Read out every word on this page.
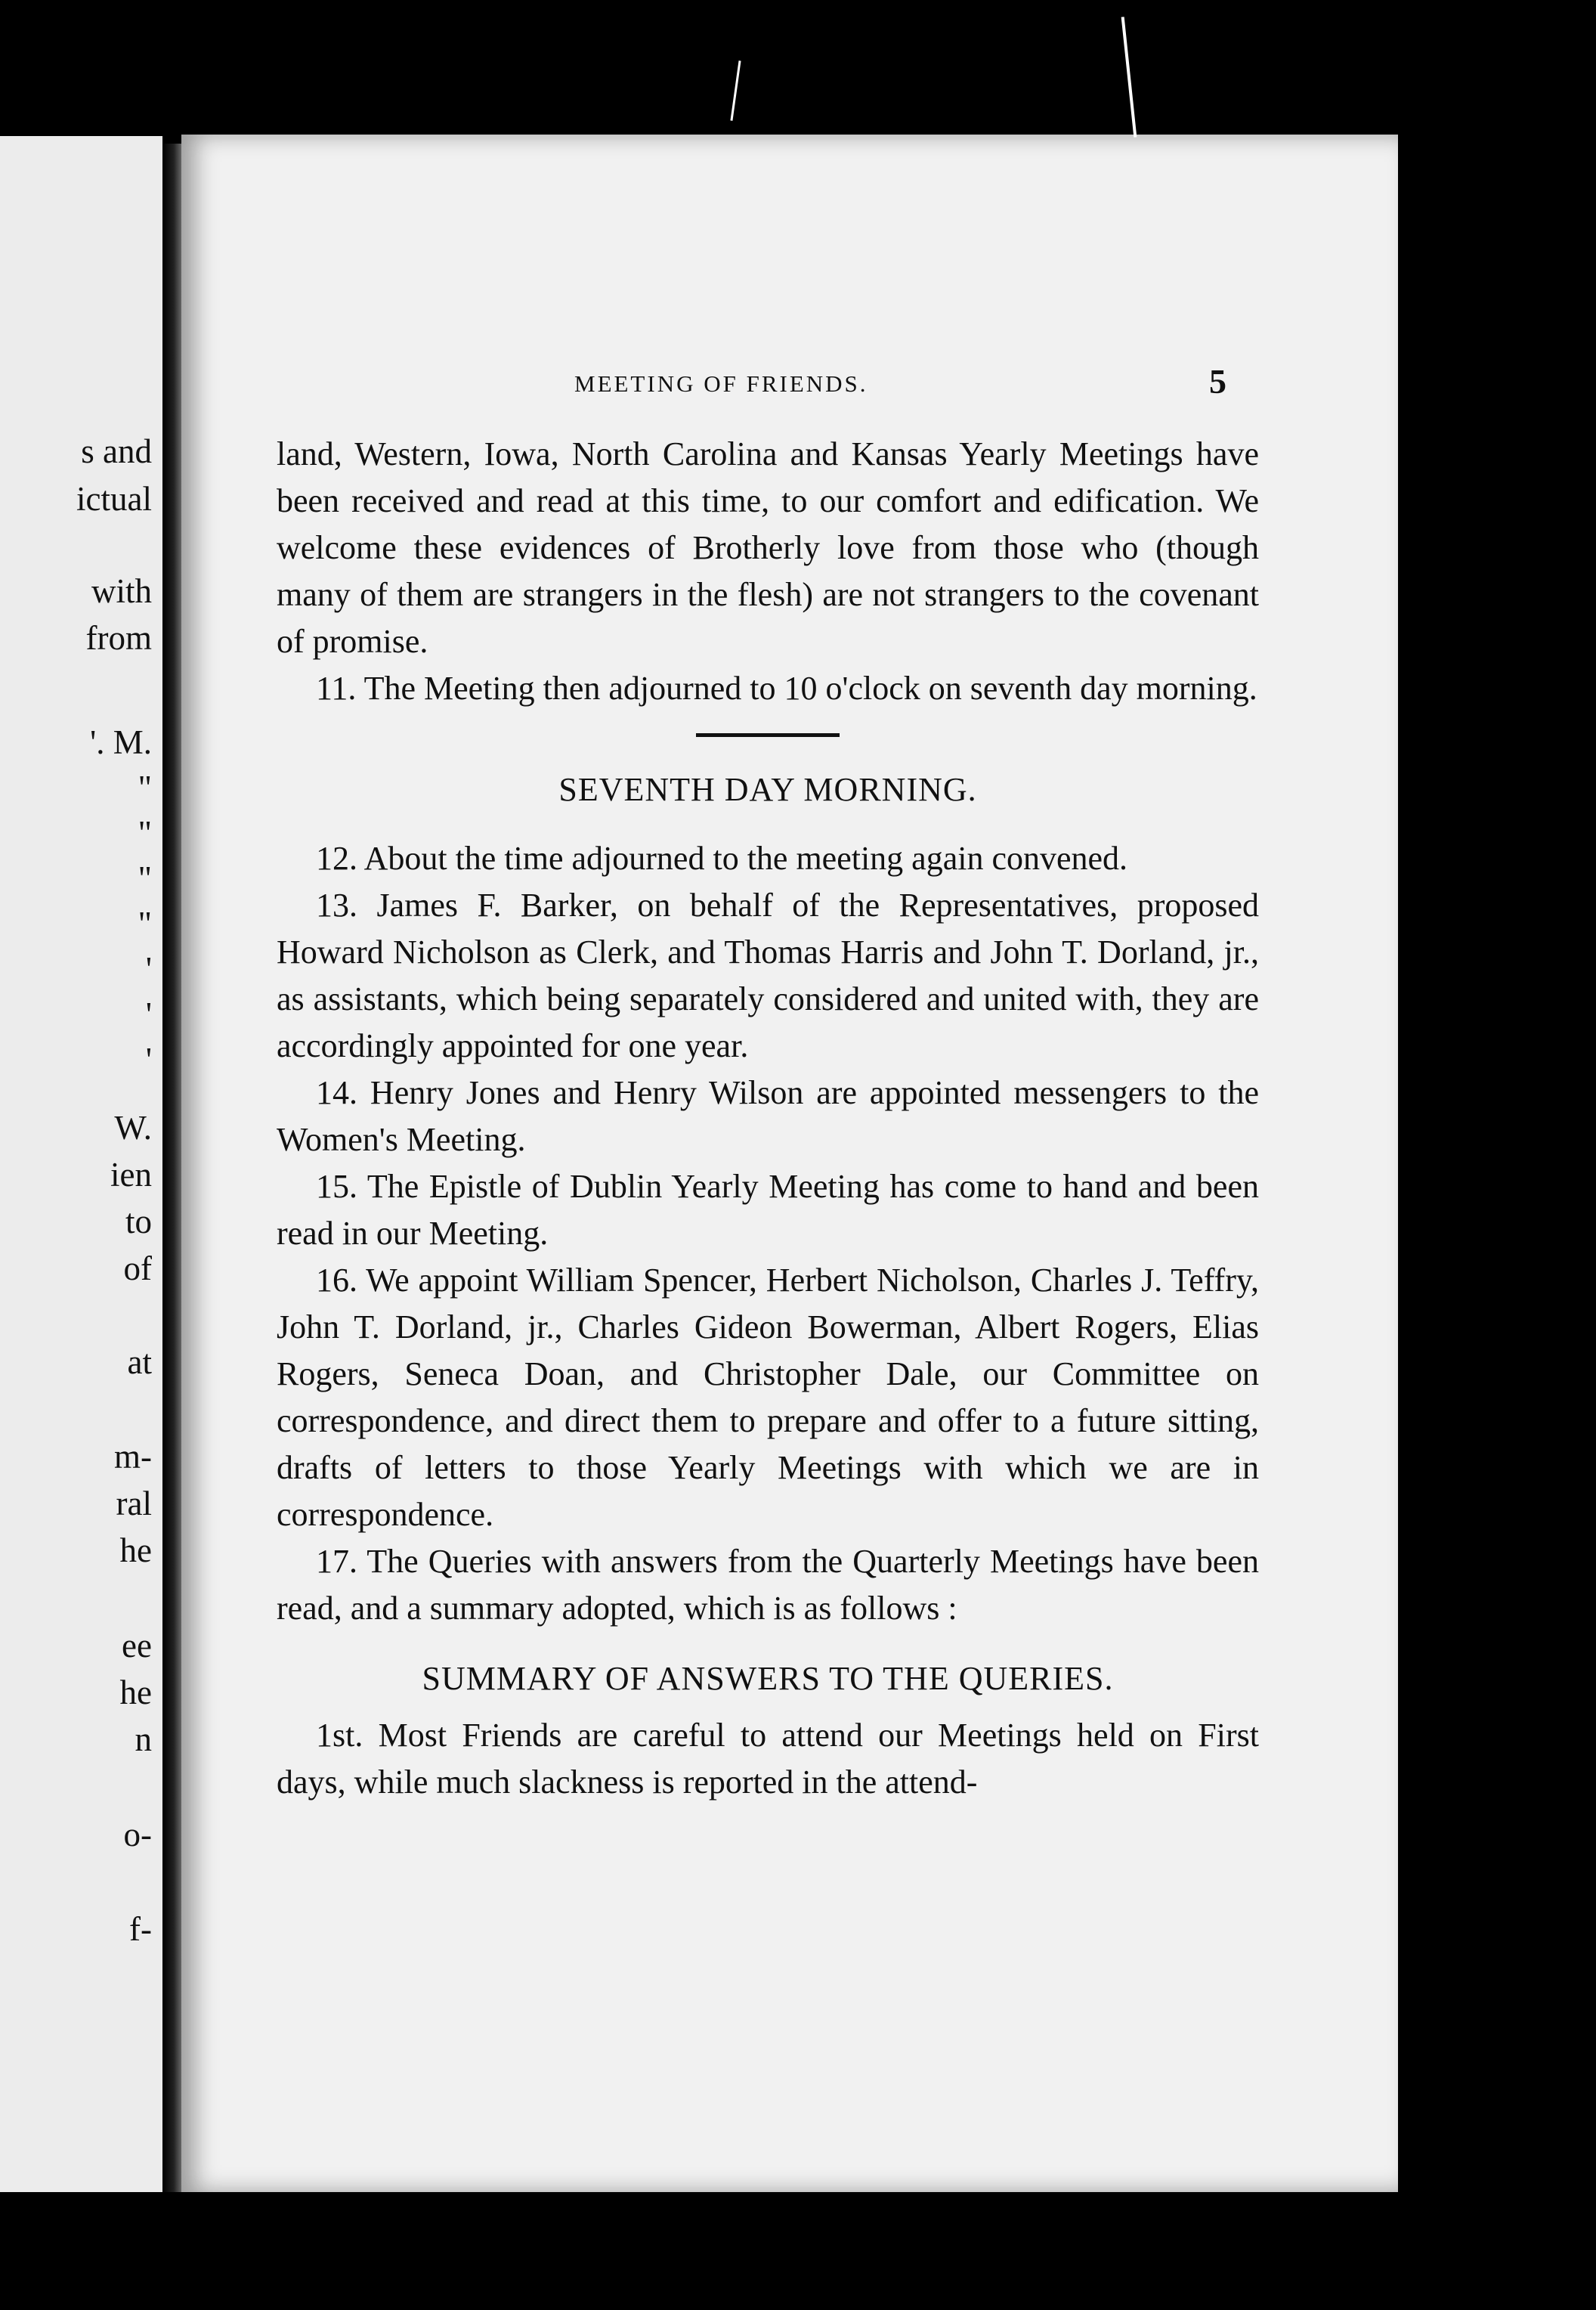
s and
ictual
with
from
'. M.
"
"
"
"
'
'
'
W.
ien
to
of
at
m-
ral
he
ee
he
n
o-
f-
MEETING OF FRIENDS.	5

land, Western, Iowa, North Carolina and Kansas Yearly Meetings have been received and read at this time, to our comfort and edification. We welcome these evidences of Brotherly love from those who (though many of them are strangers in the flesh) are not strangers to the covenant of promise.

11. The Meeting then adjourned to 10 o'clock on seventh day morning.

SEVENTH DAY MORNING.

12. About the time adjourned to the meeting again convened.

13. James F. Barker, on behalf of the Representatives, proposed Howard Nicholson as Clerk, and Thomas Harris and John T. Dorland, jr., as assistants, which being separately considered and united with, they are accordingly appointed for one year.

14. Henry Jones and Henry Wilson are appointed messengers to the Women's Meeting.

15. The Epistle of Dublin Yearly Meeting has come to hand and been read in our Meeting.

16. We appoint William Spencer, Herbert Nicholson, Charles J. Teffry, John T. Dorland, jr., Charles Gideon Bowerman, Albert Rogers, Elias Rogers, Seneca Doan, and Christopher Dale, our Committee on correspondence, and direct them to prepare and offer to a future sitting, drafts of letters to those Yearly Meetings with which we are in correspondence.

17. The Queries with answers from the Quarterly Meetings have been read, and a summary adopted, which is as follows :

SUMMARY OF ANSWERS TO THE QUERIES.

1st. Most Friends are careful to attend our Meetings held on First days, while much slackness is reported in the attend-
